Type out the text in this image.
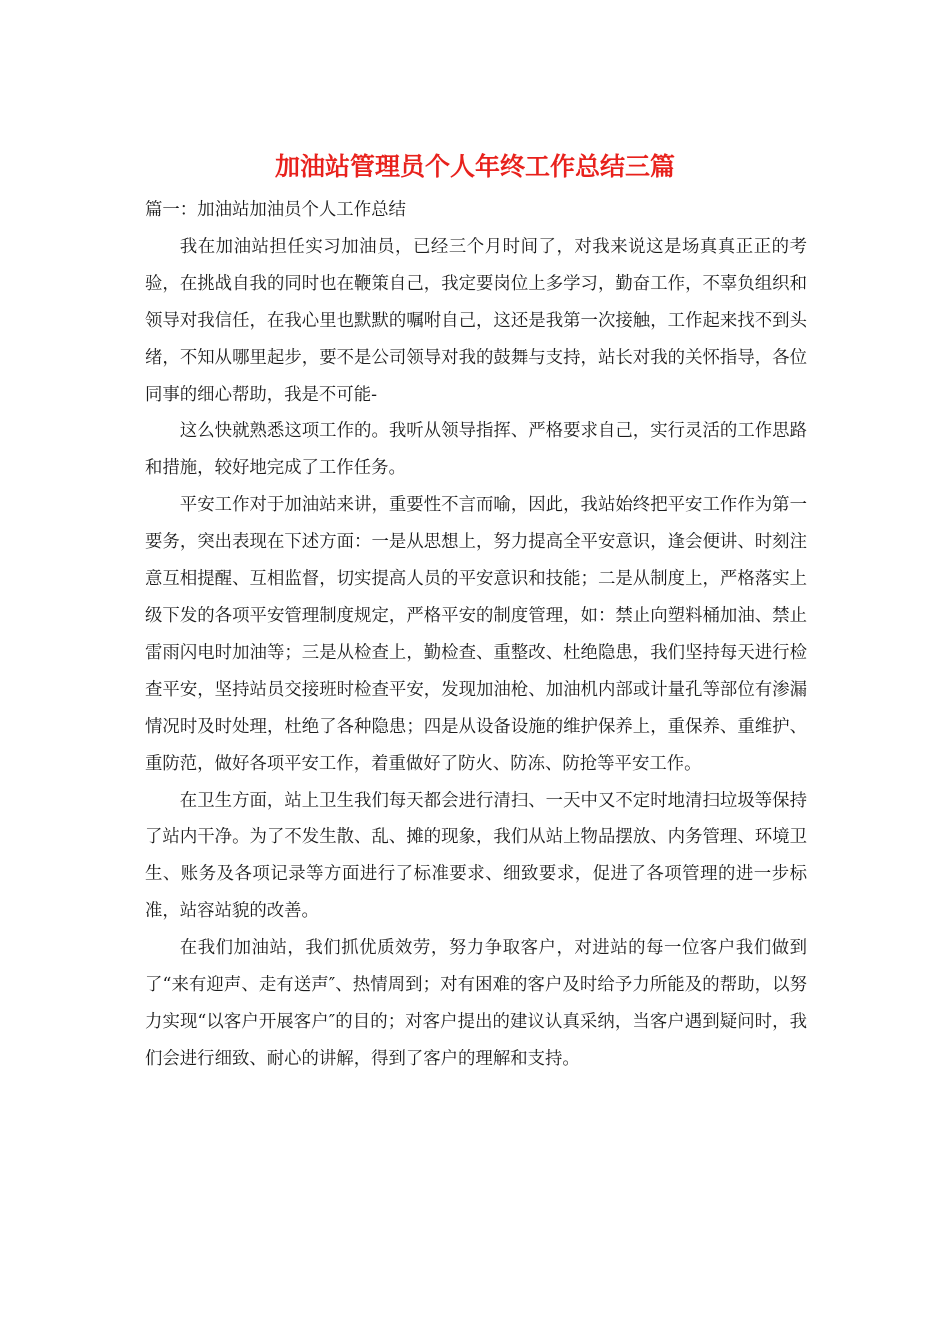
加油站管理员个人年终工作总结三篇

篇一：加油站加油员个人工作总结

我在加油站担任实习加油员，已经三个月时间了，对我来说这是场真真正正的考验，在挑战自我的同时也在鞭策自己，我定要岗位上多学习，勤奋工作，不辜负组织和领导对我信任，在我心里也默默的嘱咐自己，这还是我第一次接触，工作起来找不到头绪，不知从哪里起步，要不是公司领导对我的鼓舞与支持，站长对我的关怀指导，各位同事的细心帮助，我是不可能-

这么快就熟悉这项工作的。我听从领导指挥、严格要求自己，实行灵活的工作思路和措施，较好地完成了工作任务。

平安工作对于加油站来讲，重要性不言而喻，因此，我站始终把平安工作作为第一要务，突出表现在下述方面：一是从思想上，努力提高全平安意识，逢会便讲、时刻注意互相提醒、互相监督，切实提高人员的平安意识和技能；二是从制度上，严格落实上级下发的各项平安管理制度规定，严格平安的制度管理，如：禁止向塑料桶加油、禁止雷雨闪电时加油等；三是从检查上，勤检查、重整改、杜绝隐患，我们坚持每天进行检查平安，坚持站员交接班时检查平安，发现加油枪、加油机内部或计量孔等部位有渗漏情况时及时处理，杜绝了各种隐患；四是从设备设施的维护保养上，重保养、重维护、重防范，做好各项平安工作，着重做好了防火、防冻、防抢等平安工作。

在卫生方面，站上卫生我们每天都会进行清扫、一天中又不定时地清扫垃圾等保持了站内干净。为了不发生散、乱、摊的现象，我们从站上物品摆放、内务管理、环境卫生、账务及各项记录等方面进行了标准要求、细致要求，促进了各项管理的进一步标准，站容站貌的改善。

在我们加油站，我们抓优质效劳，努力争取客户，对进站的每一位客户我们做到了“来有迎声、走有送声″、热情周到；对有困难的客户及时给予力所能及的帮助，以努力实现“以客户开展客户″的目的；对客户提出的建议认真采纳，当客户遇到疑问时，我们会进行细致、耐心的讲解，得到了客户的理解和支持。
